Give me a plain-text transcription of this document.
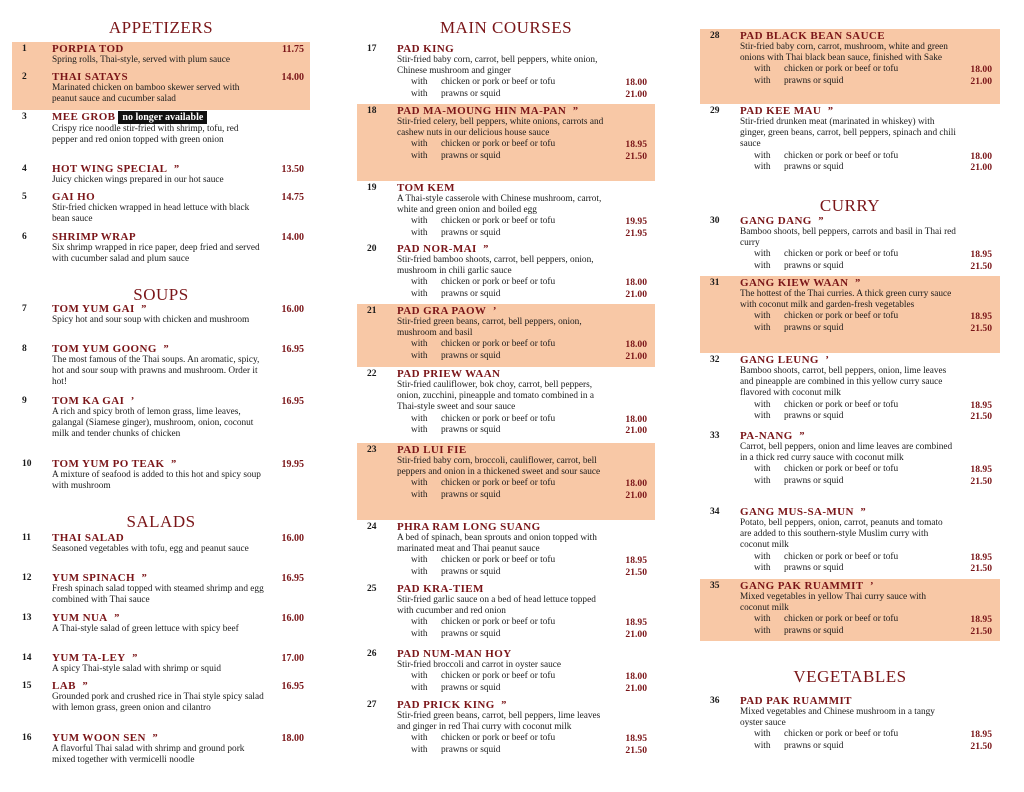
APPETIZERS
1 PORPIA TOD	11.75
Spring rolls, Thai-style, served with plum sauce
2 THAI SATAYS	14.00
Marinated chicken on bamboo skewer served with peanut sauce and cucumber salad
3 MEE GROB no longer available
Crispy rice noodle stir-fried with shrimp, tofu, red pepper and red onion topped with green onion
4 HOT WING SPECIAL ”	13.50
Juicy chicken wings prepared in our hot sauce
5 GAI HO	14.75
Stir-fried chicken wrapped in head lettuce with black bean sauce
6 SHRIMP WRAP	14.00
Six shrimp wrapped in rice paper, deep fried and served with cucumber salad and plum sauce
SOUPS
7 TOM YUM GAI ”	16.00
Spicy hot and sour soup with chicken and mushroom
8 TOM YUM GOONG ”	16.95
The most famous of the Thai soups. An aromatic, spicy, hot and sour soup with prawns and mushroom. Order it hot!
9 TOM KA GAI ’	16.95
A rich and spicy broth of lemon grass, lime leaves, galangal (Siamese ginger), mushroom, onion, coconut milk and tender chunks of chicken
10 TOM YUM PO TEAK ”	19.95
A mixture of seafood is added to this hot and spicy soup with mushroom
SALADS
11 THAI SALAD	16.00
Seasoned vegetables with tofu, egg and peanut sauce
12 YUM SPINACH ”	16.95
Fresh spinach salad topped with steamed shrimp and egg combined with Thai sauce
13 YUM NUA ”	16.00
A Thai-style salad of green lettuce with spicy beef
14 YUM TA-LEY ”	17.00
A spicy Thai-style salad with shrimp or squid
15 LAB ”	16.95
Grounded pork and crushed rice in Thai style spicy salad with lemon grass, green onion and cilantro
16 YUM WOON SEN ”	18.00
A flavorful Thai salad with shrimp and ground pork mixed together with vermicelli noodle
MAIN COURSES
17 PAD KING
Stir-fried baby corn, carrot, bell peppers, white onion, Chinese mushroom and ginger
with chicken or pork or beef or tofu	18.00
with prawns or squid	21.00
18 PAD MA-MOUNG HIN MA-PAN ”
Stir-fried celery, bell peppers, white onions, carrots and cashew nuts in our delicious house sauce
with chicken or pork or beef or tofu	18.95
with prawns or squid	21.50
19 TOM KEM
A Thai-style casserole with Chinese mushroom, carrot, white and green onion and boiled egg
with chicken or pork or beef or tofu	19.95
with prawns or squid	21.95
20 PAD NOR-MAI ”
Stir-fried bamboo shoots, carrot, bell peppers, onion, mushroom in chili garlic sauce
with chicken or pork or beef or tofu	18.00
with prawns or squid	21.00
21 PAD GRA PAOW ’
Stir-fried green beans, carrot, bell peppers, onion, mushroom and basil
with chicken or pork or beef or tofu	18.00
with prawns or squid	21.00
22 PAD PRIEW WAAN
Stir-fried cauliflower, bok choy, carrot, bell peppers, onion, zucchini, pineapple and tomato combined in a Thai-style sweet and sour sauce
with chicken or pork or beef or tofu	18.00
with prawns or squid	21.00
23 PAD LUI FIE
Stir-fried baby corn, broccoli, cauliflower, carrot, bell peppers and onion in a thickened sweet and sour sauce
with chicken or pork or beef or tofu	18.00
with prawns or squid	21.00
24 PHRA RAM LONG SUANG
A bed of spinach, bean sprouts and onion topped with marinated meat and Thai peanut sauce
with chicken or pork or beef or tofu	18.95
with prawns or squid	21.50
25 PAD KRA-TIEM
Stir-fried garlic sauce on a bed of head lettuce topped with cucumber and red onion
with chicken or pork or beef or tofu	18.95
with prawns or squid	21.00
26 PAD NUM-MAN HOY
Stir-fried broccoli and carrot in oyster sauce
with chicken or pork or beef or tofu	18.00
with prawns or squid	21.00
27 PAD PRICK KING ”
Stir-fried green beans, carrot, bell peppers, lime leaves and ginger in red Thai curry with coconut milk
with chicken or pork or beef or tofu	18.95
with prawns or squid	21.50
28 PAD BLACK BEAN SAUCE
Stir-fried baby corn, carrot, mushroom, white and green onions with Thai black bean sauce, finished with Sake
with chicken or pork or beef or tofu	18.00
with prawns or squid	21.00
29 PAD KEE MAU ”
Stir-fried drunken meat (marinated in whiskey) with ginger, green beans, carrot, bell peppers, spinach and chili sauce
with chicken or pork or beef or tofu	18.00
with prawns or squid	21.00
CURRY
30 GANG DANG ”
Bamboo shoots, bell peppers, carrots and basil in Thai red curry
with chicken or pork or beef or tofu	18.95
with prawns or squid	21.50
31 GANG KIEW WAAN ”
The hottest of the Thai curries. A thick green curry sauce with coconut milk and garden-fresh vegetables
with chicken or pork or beef or tofu	18.95
with prawns or squid	21.50
32 GANG LEUNG ’
Bamboo shoots, carrot, bell peppers, onion, lime leaves and pineapple are combined in this yellow curry sauce flavored with coconut milk
with chicken or pork or beef or tofu	18.95
with prawns or squid	21.50
33 PA-NANG ”
Carrot, bell peppers, onion and lime leaves are combined in a thick red curry sauce with coconut milk
with chicken or pork or beef or tofu	18.95
with prawns or squid	21.50
34 GANG MUS-SA-MUN ”
Potato, bell peppers, onion, carrot, peanuts and tomato are added to this southern-style Muslim curry with coconut milk
with chicken or pork or beef or tofu	18.95
with prawns or squid	21.50
35 GANG PAK RUAMMIT ’
Mixed vegetables in yellow Thai curry sauce with coconut milk
with chicken or pork or beef or tofu	18.95
with prawns or squid	21.50
VEGETABLES
36 PAD PAK RUAMMIT
Mixed vegetables and Chinese mushroom in a tangy oyster sauce
with chicken or pork or beef or tofu	18.95
with prawns or squid	21.50
